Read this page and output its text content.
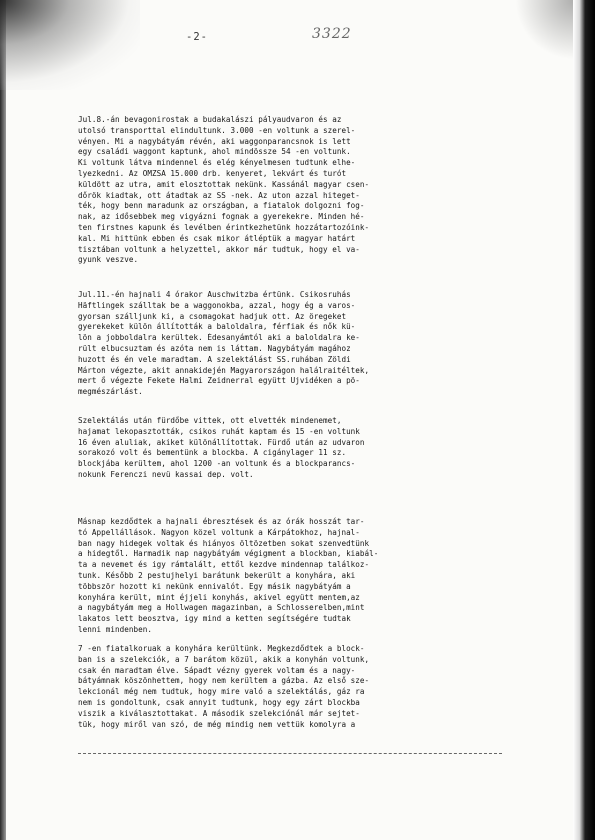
-2-	3322
Jul.8.-án bevagonirostak a budakalászi pályaudvaron és az
utolsó transporttal elindultunk. 3.000 -en voltunk a szerel-
vényen. Mi a nagybátyám révén, aki waggonparancsnok is lett
egy családi waggont kaptunk, ahol mindössze 54 -en voltunk.
Ki voltunk látva mindennel és elég kényelmesen tudtunk elhe-
lyezkedni. Az OMZSA 15.000 drb. kenyeret, lekvárt és turót
küldött az utra, amit elosztottak nekünk. Kassánál magyar csen-
dőrök kiadtak, ott átadtak az SS -nek. Az uton azzal hiteget-
ték, hogy benn maradunk az országban, a fiatalok dolgozni fog-
nak, az idősebbek meg vigyázni fognak a gyerekekre. Minden hé-
ten firstnes kapunk és levélben érintkezhetünk hozzátartozóink-
kal. Mi hittünk ebben és csak mikor átléptük a magyar határt
tisztában voltunk a helyzettel, akkor már tudtuk, hogy el va-
gyunk veszve.
Jul.11.-én hajnali 4 órakor Auschwitzba értünk. Csikosruhás
Häftlingek szálltak be a waggonokba, azzal, hogy ég a varos-
gyorsan szálljunk ki, a csomagokat hadjuk ott. Az öregeket
gyerekeket külön állították a baloldalra, férfiak és nők kü-
lön a jobboldalra kerültek. Édesanyámtól aki a baloldalra ke-
rült elbucsuztam és azóta nem is láttam. Nagybátyám magához
huzott és én vele maradtam. A szelektálást SS.ruhában Zöldi
Márton végezte, akit annakidején Magyarországon halálraitéltek,
mert ő végezte Fekete Halmi Zeidnerral együtt Ujvidéken a pö-
megmészárlást.
Szelektálás után fürdőbe vittek, ott elvették mindenemet,
hajamat lekopasztották, csikos ruhát kaptam és 15 -en voltunk
16 éven aluliak, akiket különállítottak. Fürdő után az udvaron
sorakozó volt és bementünk a blockba. A cigánylager 11 sz.
blockjába kerültem, ahol 1200 -an voltunk és a blockparancs-
nokunk Ferenczi nevü kassai dep. volt.
Másnap kezdődtek a hajnali ébresztések és az órák hosszát tar-
tó Appellállások. Nagyon közel voltunk a Kárpátokhoz, hajnal-
ban nagy hidegek voltak és hiányos öltözetben sokat szenvedtünk
a hidegtől. Harmadik nap nagybátyám végigment a blockban, kiabál-
ta a nevemet és igy rámtalált, ettől kezdve mindennap találkoz-
tunk. Később 2 pestujhelyi barátunk bekerült a konyhára, aki
többször hozott ki nekünk ennivalót. Egy másik nagybátyám a
konyhára került, mint éjjeli konyhás, akivel együtt mentem,az
a nagybátyám meg a Hollwagen magazinban, a Schlosserelben,mint
lakatos lett beosztva, igy mind a ketten segítségére tudtak
lenni mindenben.
7 -en fiatalkoruak a konyhára kerültünk. Megkezdődtek a block-
ban is a szelekciók, a 7 barátom közül, akik a konyhán voltunk,
csak én maradtam élve. Sápadt vézny gyerek voltam és a nagy-
bátyámnak köszönhettem, hogy nem kerültem a gázba. Az első sze-
lekcionál még nem tudtuk, hogy mire való a szelektálás, gáz ra
nem is gondoltunk, csak annyit tudtunk, hogy egy zárt blockba
viszik a kiválasztottakat. A második szelekciónál már sejtet-
tük, hogy miről van szó, de még mindig nem vettük komolyra a
